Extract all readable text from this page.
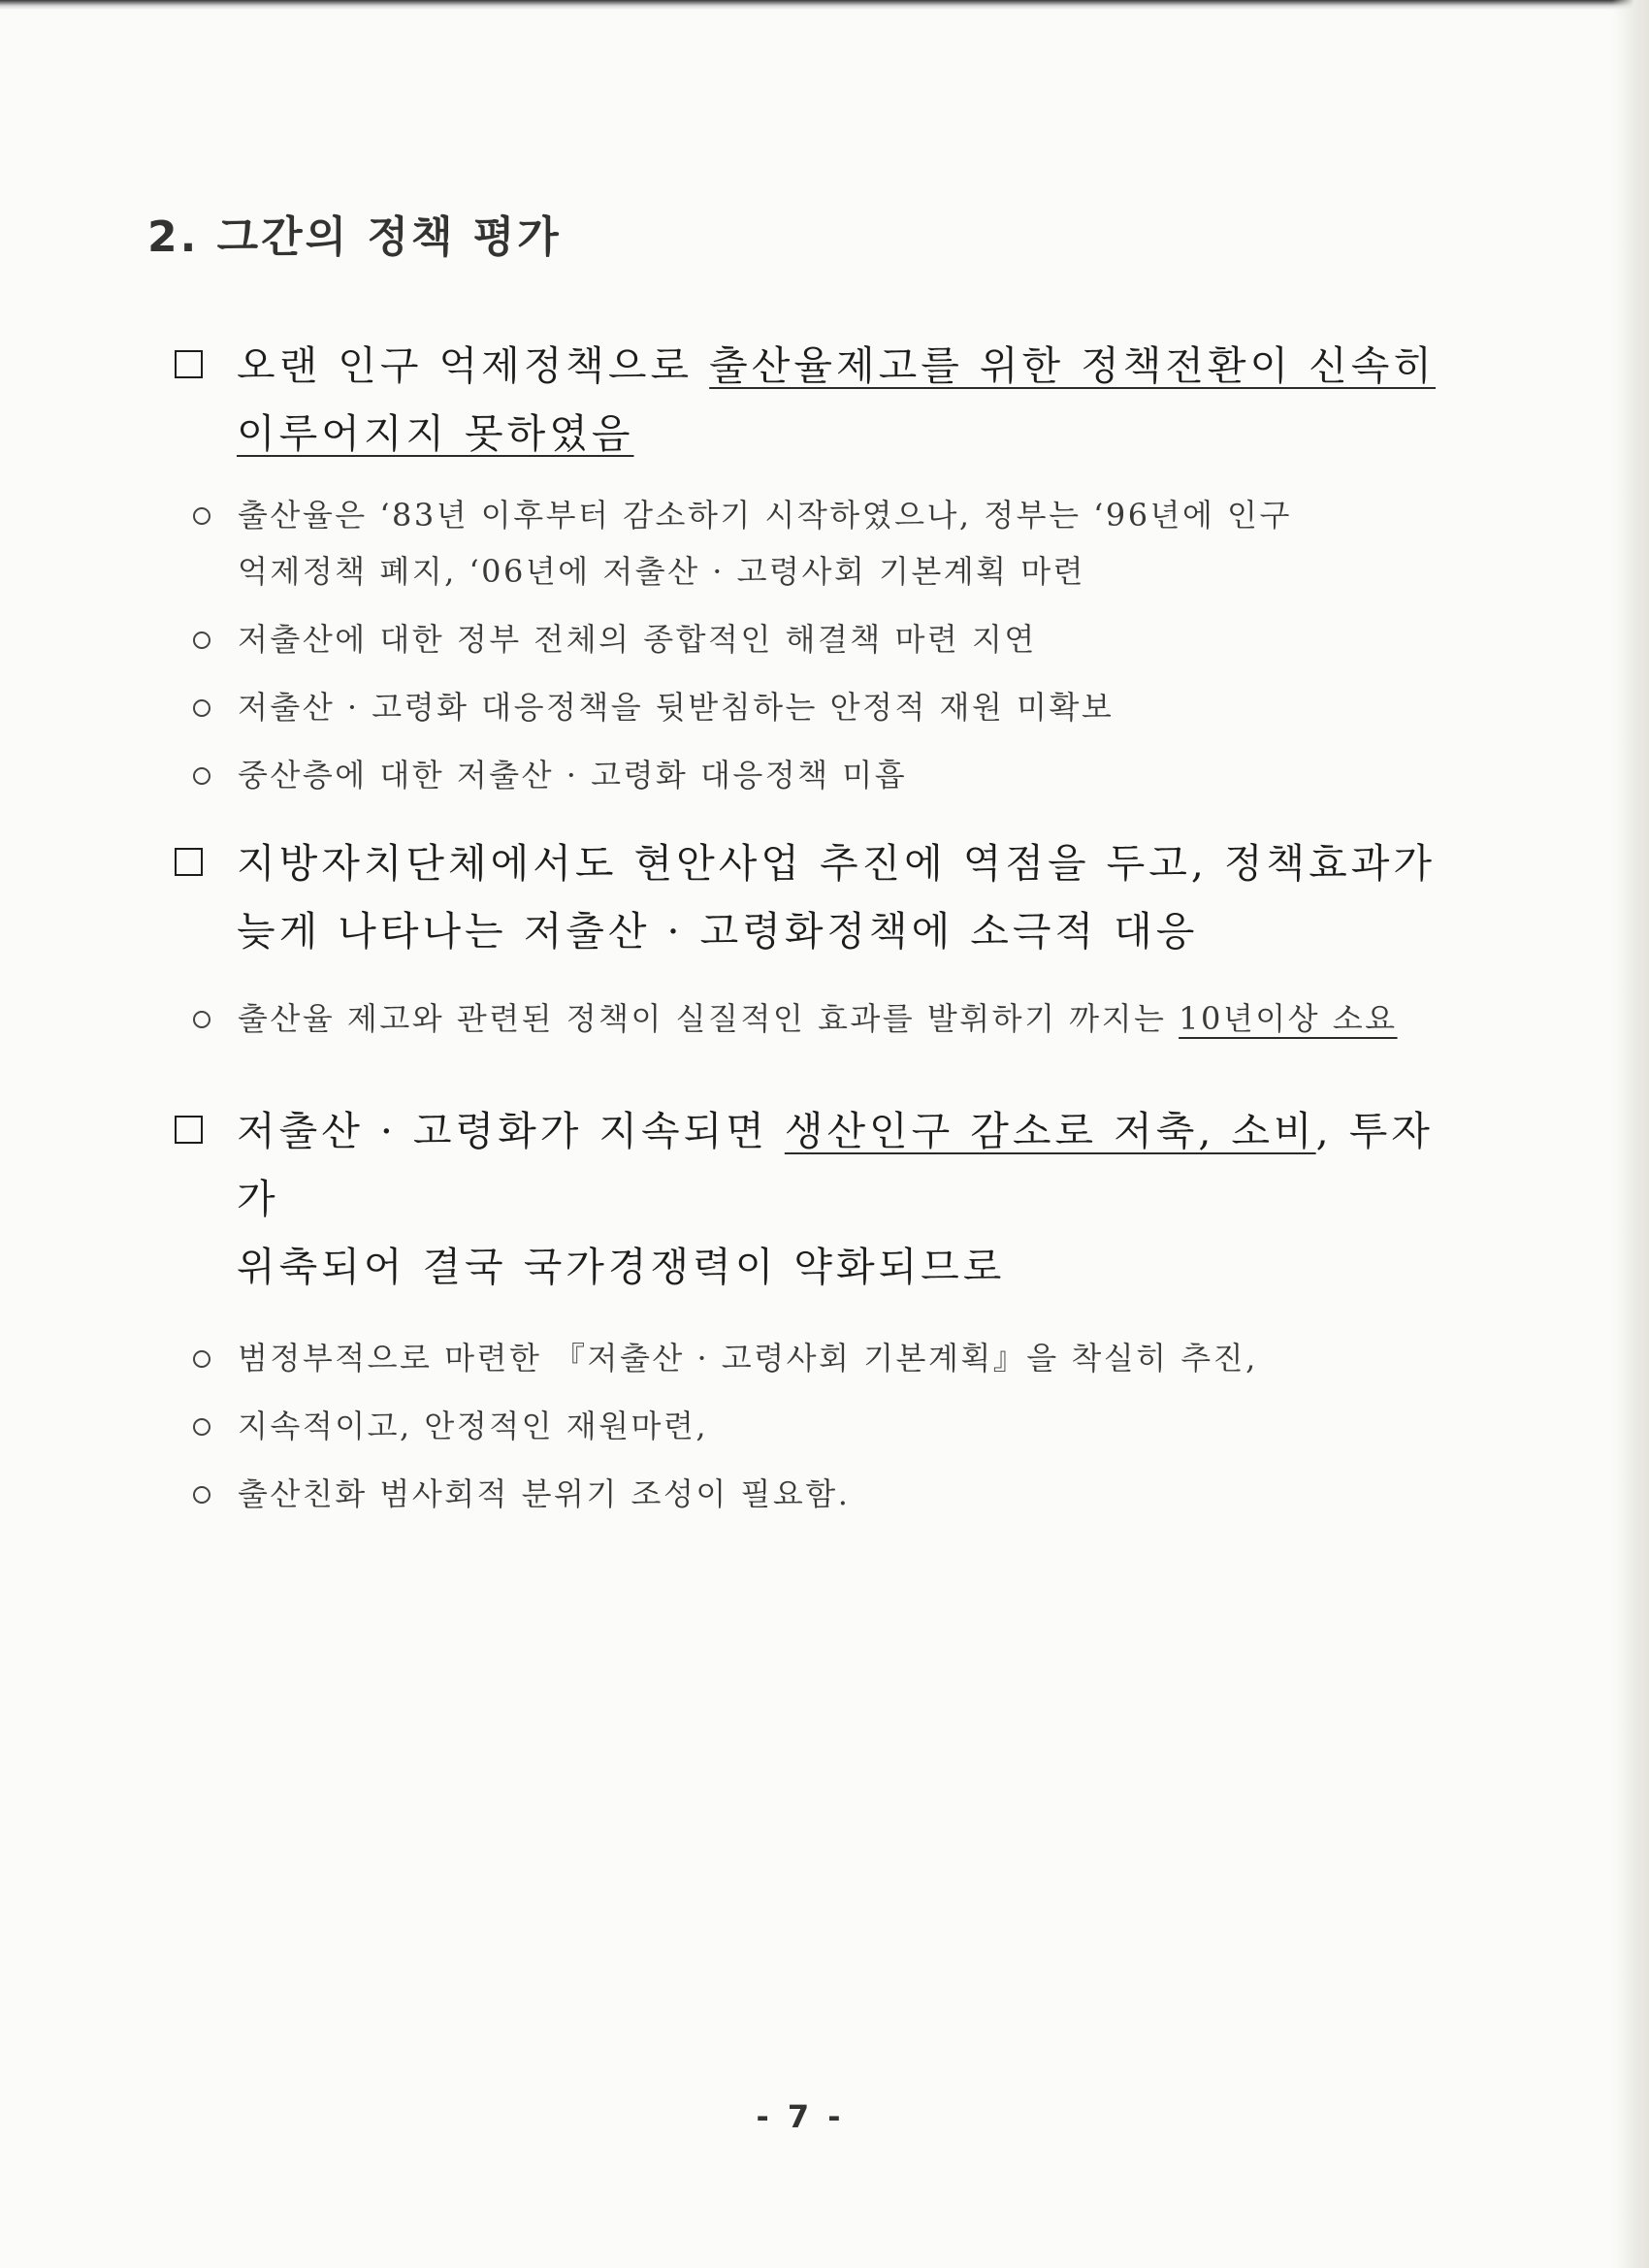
2. 그간의 정책 평가
오랜 인구 억제정책으로 출산율제고를 위한 정책전환이 신속히
이루어지지 못하였음
출산율은 ‘83년 이후부터 감소하기 시작하였으나, 정부는 ‘96년에 인구
억제정책 폐지, ‘06년에 저출산 · 고령사회 기본계획 마련
저출산에 대한 정부 전체의 종합적인 해결책 마련 지연
저출산 · 고령화 대응정책을 뒷받침하는 안정적 재원 미확보
중산층에 대한 저출산 · 고령화 대응정책 미흡
지방자치단체에서도 현안사업 추진에 역점을 두고, 정책효과가
늦게 나타나는 저출산 · 고령화정책에 소극적 대응
출산율 제고와 관련된 정책이 실질적인 효과를 발휘하기 까지는 10년이상 소요
저출산 · 고령화가 지속되면 생산인구 감소로 저축, 소비, 투자가
위축되어 결국 국가경쟁력이 약화되므로
범정부적으로 마련한 『저출산 · 고령사회 기본계획』을 착실히 추진,
지속적이고, 안정적인 재원마련,
출산친화 범사회적 분위기 조성이 필요함.
- 7 -
